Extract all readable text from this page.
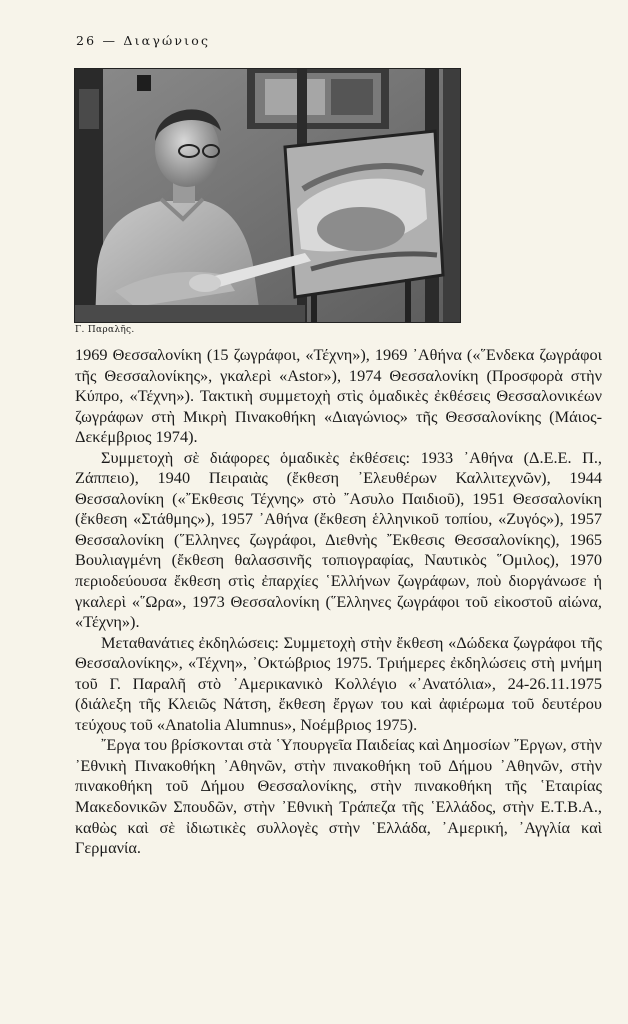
26 — Διαγώνιος
Γ. Παραλῆς.

1969 Θεσσαλονίκη (15 ζωγράφοι, «Τέχνη»), 1969 ᾽Αθήνα («῞Ενδεκα ζωγράφοι τῆς Θεσσαλονίκης», γκαλερὶ «Astor»), 1974 Θεσσαλονίκη (Προσφορὰ στὴν Κύπρο, «Τέχνη»). Τακτικὴ συμμετοχὴ στὶς ὁμαδικὲς ἐκθέσεις Θεσσαλονικέων ζωγράφων στὴ Μικρὴ Πινακοθήκη «Διαγώνιος» τῆς Θεσσαλονίκης (Μάιος-Δεκέμβριος 1974).

Συμμετοχὴ σὲ διάφορες ὁμαδικὲς ἐκθέσεις: 1933 ᾽Αθήνα (Δ.Ε.Ε. Π., Ζάππειο), 1940 Πειραιὰς (ἔκθεση ᾽Ελευθέρων Καλλιτεχνῶν), 1944 Θεσσαλονίκη («῎Εκθεσις Τέχνης» στὸ ῎Ασυλο Παιδιοῦ), 1951 Θεσσαλονίκη (ἔκθεση «Στάθμης»), 1957 ᾽Αθήνα (ἔκθεση ἑλληνικοῦ τοπίου, «Ζυγός»), 1957 Θεσσαλονίκη (῞Ελληνες ζωγράφοι, Διεθνὴς ῎Εκθεσις Θεσσαλονίκης), 1965 Βουλιαγμένη (ἔκθεση θαλασσινῆς τοπιογραφίας, Ναυτικὸς ῞Ομιλος), 1970 περιοδεύουσα ἔκθεση στὶς ἐπαρχίες ῾Ελλήνων ζωγράφων, ποὺ διοργάνωσε ἡ γκαλερὶ «῞Ωρα», 1973 Θεσσαλονίκη (῞Ελληνες ζωγράφοι τοῦ εἰκοστοῦ αἰώνα, «Τέχνη»).

Μεταθανάτιες ἐκδηλώσεις: Συμμετοχὴ στὴν ἔκθεση «Δώδεκα ζωγράφοι τῆς Θεσσαλονίκης», «Τέχνη», ᾽Οκτώβριος 1975. Τριήμερες ἐκδηλώσεις στὴ μνήμη τοῦ Γ. Παραλῆ στὸ ᾽Αμερικανικὸ Κολλέγιο «᾽Ανατόλια», 24-26.11.1975 (διάλεξη τῆς Κλειῶς Νάτση, ἔκθεση ἔργων του καὶ ἀφιέρωμα τοῦ δευτέρου τεύχους τοῦ «Anatolia Alumnus», Νοέμβριος 1975).

῎Εργα του βρίσκονται στὰ ῾Υπουργεῖα Παιδείας καὶ Δημοσίων ῎Εργων, στὴν ᾽Εθνικὴ Πινακοθήκη ᾽Αθηνῶν, στὴν πινακοθήκη τοῦ Δήμου ᾽Αθηνῶν, στὴν πινακοθήκη τοῦ Δήμου Θεσσαλονίκης, στὴν πινακοθήκη τῆς ῾Εταιρίας Μακεδονικῶν Σπουδῶν, στὴν ᾽Εθνικὴ Τράπεζα τῆς ῾Ελλάδος, στὴν Ε.Τ.Β.Α., καθὼς καὶ σὲ ἰδιωτικὲς συλλογὲς στὴν ῾Ελλάδα, ᾽Αμερική, ᾽Αγγλία καὶ Γερμανία.
